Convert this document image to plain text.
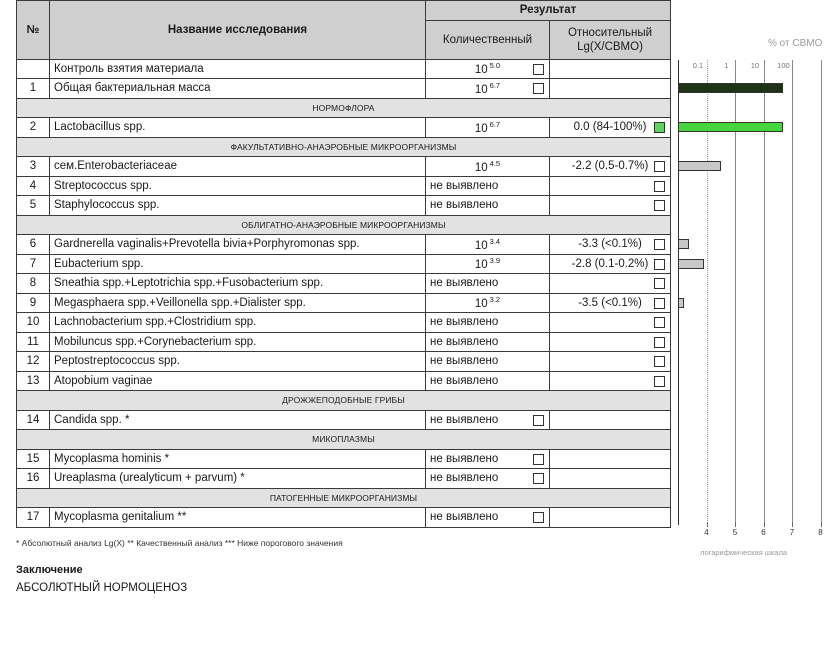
№	Название исследования	Результат	
		Количественный	Относительный
Lg(X/СВМО)
	Контроль взятия материала	10 $^{5.0}$

1	Общая бактериальная масса	10 $^{6.7}$

НОРМОФЛОРА			
2	Lactobacillus spp.	10 $^{6.7}$	0.0 (84-100%)

ФАКУЛЬТАТИВНО-АНАЭРОБНЫЕ МИКРООРГАНИЗМЫ			
3	сем.Enterobacteriaceae	10 $^{4.5}$	-2.2 (0.5-0.7%)

4	Streptococcus spp.	не выявлено	

5	Staphylococcus spp.	не выявлено	

ОБЛИГАТНО-АНАЭРОБНЫЕ МИКРООРГАНИЗМЫ			
6	Gardnerella vaginalis+Prevotella bivia+Porphyromonas spp.	10 $^{3.4}$	-3.3 (<0.1%)

7	Eubacterium spp.	10 $^{3.9}$	-2.8 (0.1-0.2%)

8	Sneathia spp.+Leptotrichia spp.+Fusobacterium spp.	не выявлено	

9	Megasphaera spp.+Veillonella spp.+Dialister spp.	10 $^{3.2}$	-3.5 (<0.1%)

10	Lachnobacterium spp.+Clostridium spp.	не выявлено	

11	Mobiluncus spp.+Corynebacterium spp.	не выявлено	

12	Peptostreptococcus spp.	не выявлено	

13	Atopobium vaginae	не выявлено	

ДРОЖЖЕПОДОБНЫЕ ГРИБЫ			
14	Candida spp. *	не выявлено	

МИКОПЛАЗМЫ			
15	Mycoplasma hominis *	не выявлено	

16	Ureaplasma (urealyticum + parvum) *	не выявлено	

ПАТОГЕННЫЕ МИКРООРГАНИЗМЫ			
17	Mycoplasma genitalium **	не выявлено	

% от СВМО
логарифмическая шкала
4	5	6	7	8
0.1	1	10 100
* Абсолютный анализ Lg(X) ** Качественный анализ *** Ниже порогового значения
Заключение
АБСОЛЮТНЫЙ НОРМОЦЕНОЗ
